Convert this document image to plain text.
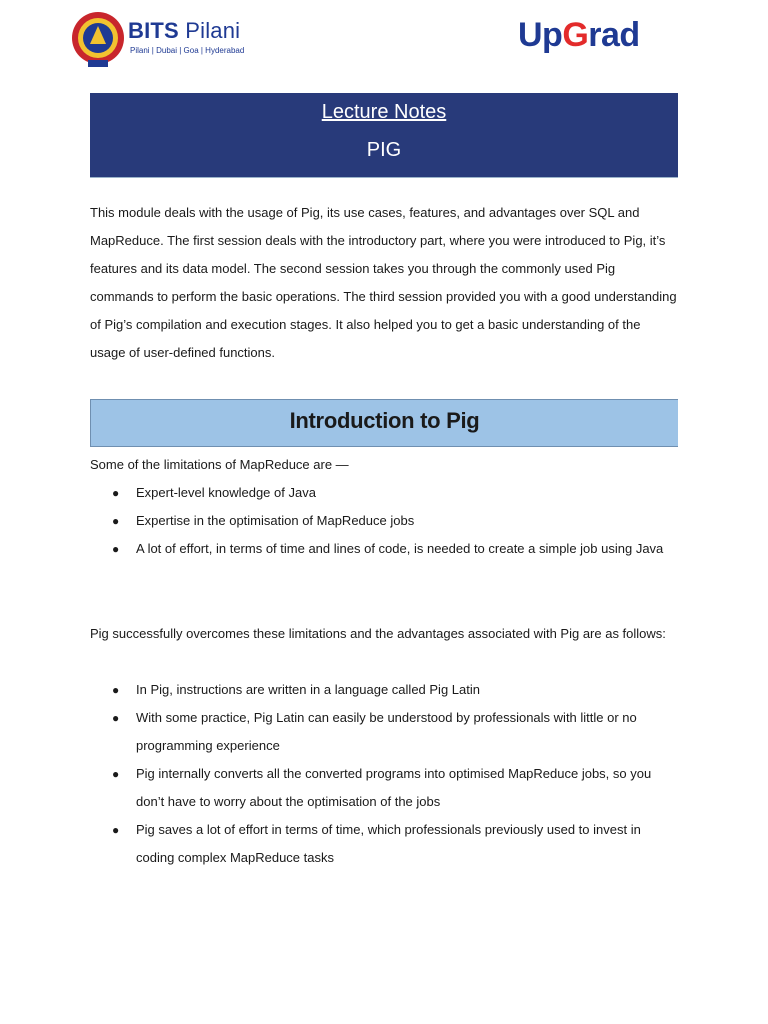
BITS Pilani
Pilani | Dubai | Goa | Hyderabad	UpGrad
Lecture Notes
PIG

This module deals with the usage of Pig, its use cases, features, and advantages over SQL and MapReduce. The first session deals with the introductory part, where you were introduced to Pig, it’s features and its data model. The second session takes you through the commonly used Pig commands to perform the basic operations. The third session provided you with a good understanding of Pig’s compilation and execution stages. It also helped you to get a basic understanding of the usage of user-defined functions.

Introduction to Pig

Some of the limitations of MapReduce are —

● Expert-level knowledge of Java
● Expertise in the optimisation of MapReduce jobs
● A lot of effort, in terms of time and lines of code, is needed to create a simple job using Java

Pig successfully overcomes these limitations and the advantages associated with Pig are as follows:

● In Pig, instructions are written in a language called Pig Latin
● With some practice, Pig Latin can easily be understood by professionals with little or no programming experience
● Pig internally converts all the converted programs into optimised MapReduce jobs, so you don’t have to worry about the optimisation of the jobs
● Pig saves a lot of effort in terms of time, which professionals previously used to invest in coding complex MapReduce tasks
